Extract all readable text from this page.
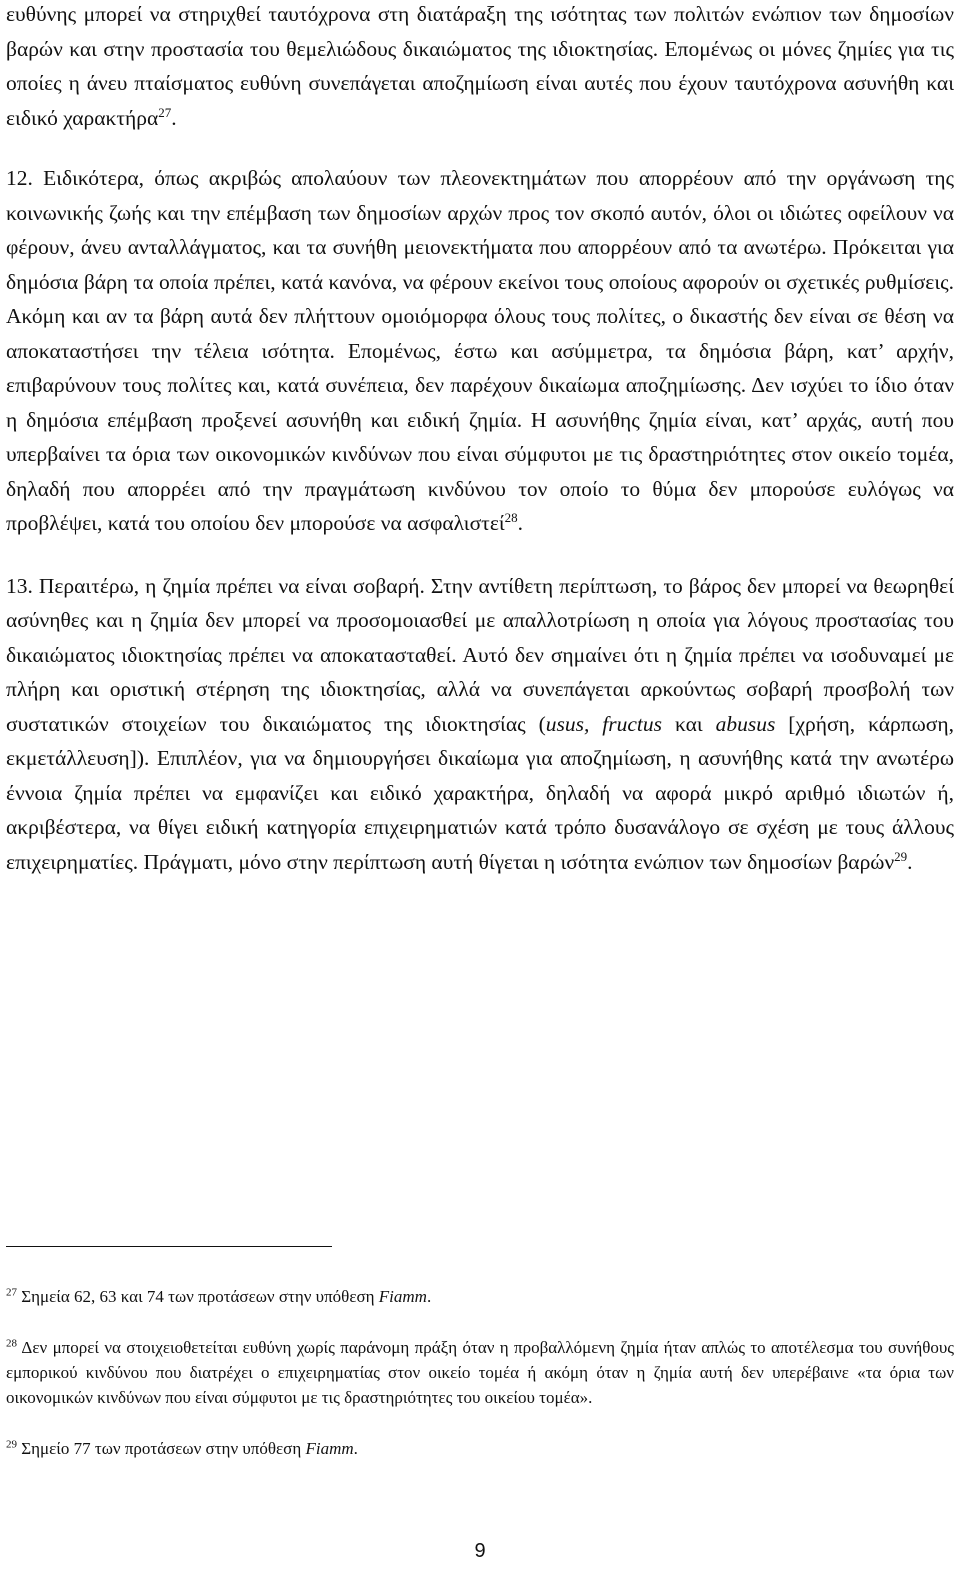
ευθύνης μπορεί να στηριχθεί ταυτόχρονα στη διατάραξη της ισότητας των πολιτών ενώπιον των δημοσίων βαρών και στην προστασία του θεμελιώδους δικαιώματος της ιδιοκτησίας. Επομένως οι μόνες ζημίες για τις οποίες η άνευ πταίσματος ευθύνη συνεπάγεται αποζημίωση είναι αυτές που έχουν ταυτόχρονα ασυνήθη και ειδικό χαρακτήρα$^{27}$.

12. Ειδικότερα, όπως ακριβώς απολαύουν των πλεονεκτημάτων που απορρέουν από την οργάνωση της κοινωνικής ζωής και την επέμβαση των δημοσίων αρχών προς τον σκοπό αυτόν, όλοι οι ιδιώτες οφείλουν να φέρουν, άνευ ανταλλάγματος, και τα συνήθη μειονεκτήματα που απορρέουν από τα ανωτέρω. Πρόκειται για δημόσια βάρη τα οποία πρέπει, κατά κανόνα, να φέρουν εκείνοι τους οποίους αφορούν οι σχετικές ρυθμίσεις. Ακόμη και αν τα βάρη αυτά δεν πλήττουν ομοιόμορφα όλους τους πολίτες, ο δικαστής δεν είναι σε θέση να αποκαταστήσει την τέλεια ισότητα. Επομένως, έστω και ασύμμετρα, τα δημόσια βάρη, κατ’ αρχήν, επιβαρύνουν τους πολίτες και, κατά συνέπεια, δεν παρέχουν δικαίωμα αποζημίωσης. Δεν ισχύει το ίδιο όταν η δημόσια επέμβαση προξενεί ασυνήθη και ειδική ζημία. Η ασυνήθης ζημία είναι, κατ’ αρχάς, αυτή που υπερβαίνει τα όρια των οικονομικών κινδύνων που είναι σύμφυτοι με τις δραστηριότητες στον οικείο τομέα, δηλαδή που απορρέει από την πραγμάτωση κινδύνου τον οποίο το θύμα δεν μπορούσε ευλόγως να προβλέψει, κατά του οποίου δεν μπορούσε να ασφαλιστεί$^{28}$.

13. Περαιτέρω, η ζημία πρέπει να είναι σοβαρή. Στην αντίθετη περίπτωση, το βάρος δεν μπορεί να θεωρηθεί ασύνηθες και η ζημία δεν μπορεί να προσομοιασθεί με απαλλοτρίωση η οποία για λόγους προστασίας του δικαιώματος ιδιοκτησίας πρέπει να αποκατασταθεί. Αυτό δεν σημαίνει ότι η ζημία πρέπει να ισοδυναμεί με πλήρη και οριστική στέρηση της ιδιοκτησίας, αλλά να συνεπάγεται αρκούντως σοβαρή προσβολή των συστατικών στοιχείων του δικαιώματος της ιδιοκτησίας (usus, fructus και abusus [χρήση, κάρπωση, εκμετάλλευση]). Επιπλέον, για να δημιουργήσει δικαίωμα για αποζημίωση, η ασυνήθης κατά την ανωτέρω έννοια ζημία πρέπει να εμφανίζει και ειδικό χαρακτήρα, δηλαδή να αφορά μικρό αριθμό ιδιωτών ή, ακριβέστερα, να θίγει ειδική κατηγορία επιχειρηματιών κατά τρόπο δυσανάλογο σε σχέση με τους άλλους επιχειρηματίες. Πράγματι, μόνο στην περίπτωση αυτή θίγεται η ισότητα ενώπιον των δημοσίων βαρών$^{29}$.

$^{27}$ Σημεία 62, 63 και 74 των προτάσεων στην υπόθεση Fiamm.

$^{28}$ Δεν μπορεί να στοιχειοθετείται ευθύνη χωρίς παράνομη πράξη όταν η προβαλλόμενη ζημία ήταν απλώς το αποτέλεσμα του συνήθους εμπορικού κινδύνου που διατρέχει ο επιχειρηματίας στον οικείο τομέα ή ακόμη όταν η ζημία αυτή δεν υπερέβαινε «τα όρια των οικονομικών κινδύνων που είναι σύμφυτοι με τις δραστηριότητες του οικείου τομέα».

$^{29}$ Σημείο 77 των προτάσεων στην υπόθεση Fiamm.

9
